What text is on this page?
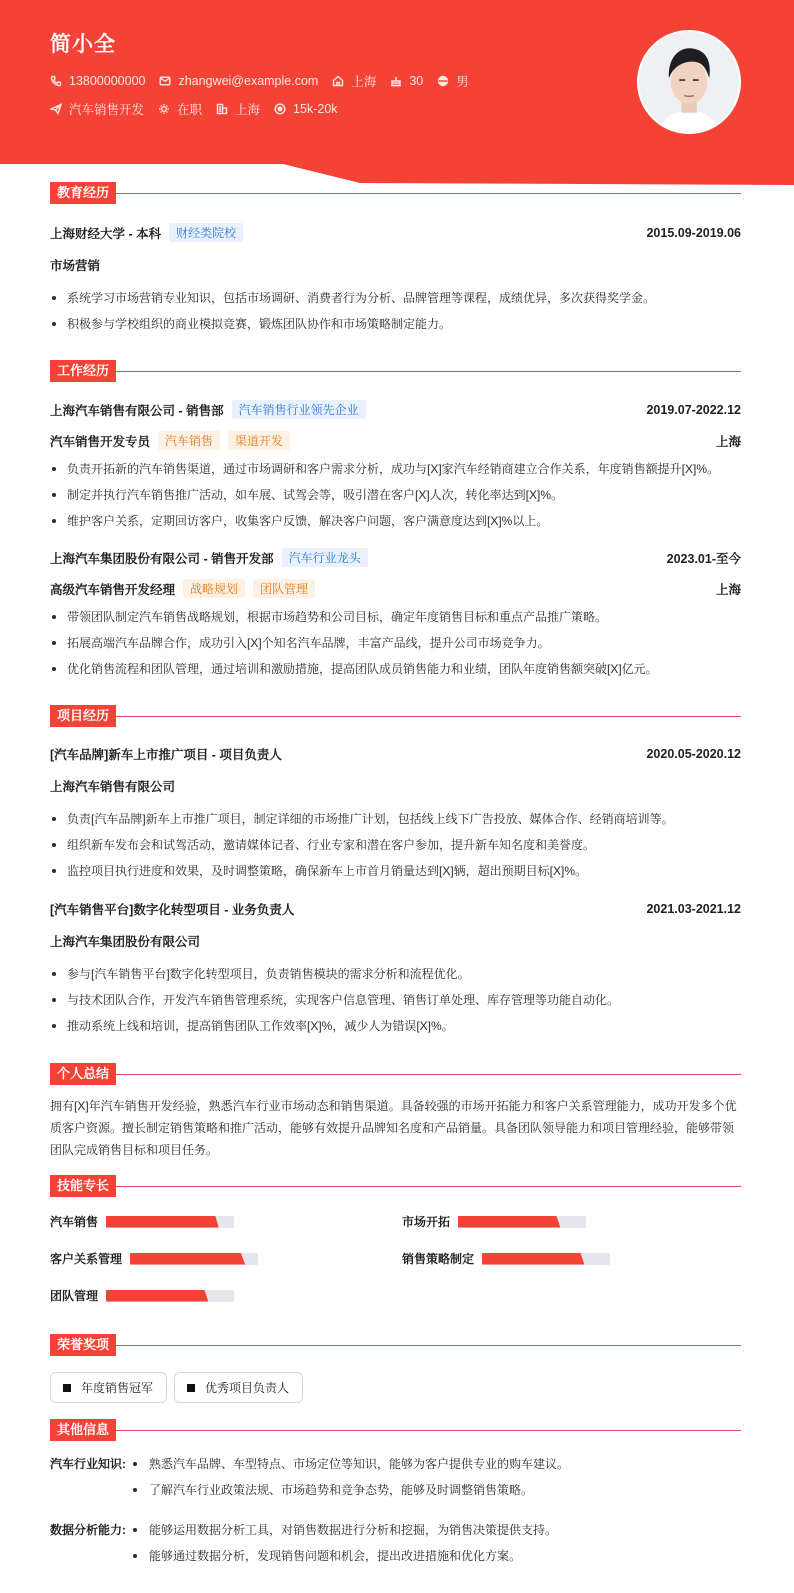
简小全
13800000000	zhangwei@example.com	上海	30	男
汽车销售开发	在职	上海	15k-20k
教育经历
上海财经大学 - 本科	财经类院校	2015.09-2019.06
市场营销
系统学习市场营销专业知识，包括市场调研、消费者行为分析、品牌管理等课程，成绩优异，多次获得奖学金。
积极参与学校组织的商业模拟竞赛，锻炼团队协作和市场策略制定能力。
工作经历
上海汽车销售有限公司 - 销售部	汽车销售行业领先企业	2019.07-2022.12
汽车销售开发专员	汽车销售	渠道开发	上海
负责开拓新的汽车销售渠道，通过市场调研和客户需求分析，成功与[X]家汽车经销商建立合作关系，年度销售额提升[X]%。
制定并执行汽车销售推广活动，如车展、试驾会等，吸引潜在客户[X]人次，转化率达到[X]%。
维护客户关系，定期回访客户，收集客户反馈，解决客户问题，客户满意度达到[X]%以上。
上海汽车集团股份有限公司 - 销售开发部	汽车行业龙头	2023.01-至今
高级汽车销售开发经理	战略规划	团队管理	上海
带领团队制定汽车销售战略规划，根据市场趋势和公司目标，确定年度销售目标和重点产品推广策略。
拓展高端汽车品牌合作，成功引入[X]个知名汽车品牌，丰富产品线，提升公司市场竞争力。
优化销售流程和团队管理，通过培训和激励措施，提高团队成员销售能力和业绩，团队年度销售额突破[X]亿元。
项目经历
[汽车品牌]新车上市推广项目 - 项目负责人	2020.05-2020.12
上海汽车销售有限公司
负责[汽车品牌]新车上市推广项目，制定详细的市场推广计划，包括线上线下广告投放、媒体合作、经销商培训等。
组织新车发布会和试驾活动，邀请媒体记者、行业专家和潜在客户参加，提升新车知名度和美誉度。
监控项目执行进度和效果，及时调整策略，确保新车上市首月销量达到[X]辆，超出预期目标[X]%。
[汽车销售平台]数字化转型项目 - 业务负责人	2021.03-2021.12
上海汽车集团股份有限公司
参与[汽车销售平台]数字化转型项目，负责销售模块的需求分析和流程优化。
与技术团队合作，开发汽车销售管理系统，实现客户信息管理、销售订单处理、库存管理等功能自动化。
推动系统上线和培训，提高销售团队工作效率[X]%，减少人为错误[X]%。
个人总结
拥有[X]年汽车销售开发经验，熟悉汽车行业市场动态和销售渠道。具备较强的市场开拓能力和客户关系管理能力，成功开发多个优质客户资源。擅长制定销售策略和推广活动，能够有效提升品牌知名度和产品销量。具备团队领导能力和项目管理经验，能够带领团队完成销售目标和项目任务。
技能专长
汽车销售	市场开拓
客户关系管理	销售策略制定
团队管理
荣誉奖项
年度销售冠军	优秀项目负责人
其他信息
汽车行业知识:	熟悉汽车品牌、车型特点、市场定位等知识，能够为客户提供专业的购车建议。
了解汽车行业政策法规、市场趋势和竞争态势，能够及时调整销售策略。
数据分析能力:	能够运用数据分析工具，对销售数据进行分析和挖掘，为销售决策提供支持。
能够通过数据分析，发现销售问题和机会，提出改进措施和优化方案。
